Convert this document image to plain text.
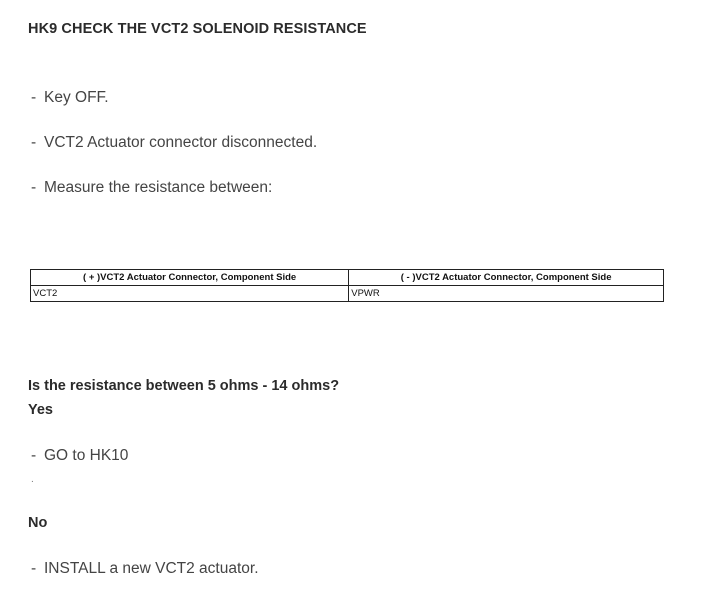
HK9 CHECK THE VCT2 SOLENOID RESISTANCE
- Key OFF.
- VCT2 Actuator connector disconnected.
- Measure the resistance between:
( + )VCT2 Actuator Connector, Component Side	( - )VCT2 Actuator Connector, Component Side
VCT2	VPWR
Is the resistance between 5 ohms - 14 ohms?
Yes
- GO to HK10
.
No
- INSTALL a new VCT2 actuator.
